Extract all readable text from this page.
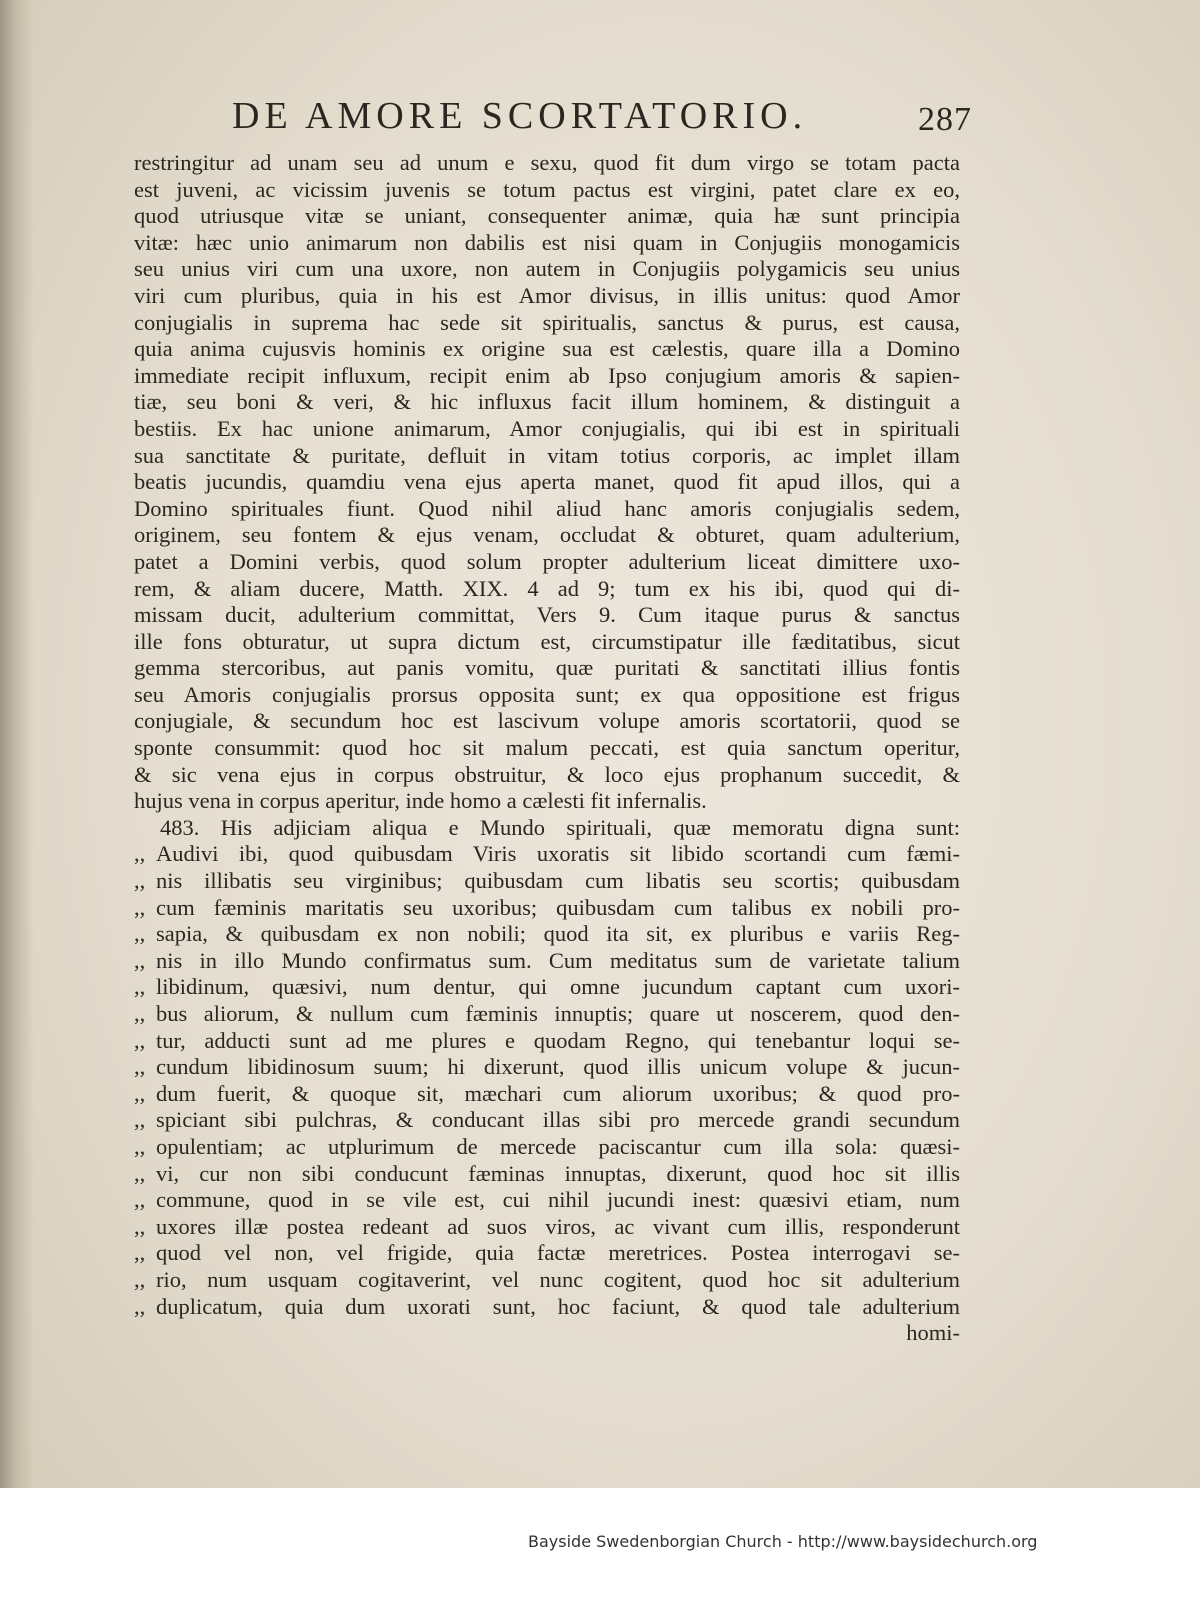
DE AMORE SCORTATORIO.	287
restringitur ad unam seu ad unum e sexu, quod fit dum virgo se totam pacta
est juveni, ac vicissim juvenis se totum pactus est virgini, patet clare ex eo,
quod utriusque vitæ se uniant, consequenter animæ, quia hæ sunt principia
vitæ: hæc unio animarum non dabilis est nisi quam in Conjugiis monogamicis
seu unius viri cum una uxore, non autem in Conjugiis polygamicis seu unius
viri cum pluribus, quia in his est Amor divisus, in illis unitus: quod Amor
conjugialis in suprema hac sede sit spiritualis, sanctus & purus, est causa,
quia anima cujusvis hominis ex origine sua est cælestis, quare illa a Domino
immediate recipit influxum, recipit enim ab Ipso conjugium amoris & sapien-
tiæ, seu boni & veri, & hic influxus facit illum hominem, & distinguit a
bestiis. Ex hac unione animarum, Amor conjugialis, qui ibi est in spirituali
sua sanctitate & puritate, defluit in vitam totius corporis, ac implet illam
beatis jucundis, quamdiu vena ejus aperta manet, quod fit apud illos, qui a
Domino spirituales fiunt. Quod nihil aliud hanc amoris conjugialis sedem,
originem, seu fontem & ejus venam, occludat & obturet, quam adulterium,
patet a Domini verbis, quod solum propter adulterium liceat dimittere uxo-
rem, & aliam ducere, Matth. XIX. 4 ad 9; tum ex his ibi, quod qui di-
missam ducit, adulterium committat, Vers 9. Cum itaque purus & sanctus
ille fons obturatur, ut supra dictum est, circumstipatur ille fæditatibus, sicut
gemma stercoribus, aut panis vomitu, quæ puritati & sanctitati illius fontis
seu Amoris conjugialis prorsus opposita sunt; ex qua oppositione est frigus
conjugiale, & secundum hoc est lascivum volupe amoris scortatorii, quod se
sponte consummit: quod hoc sit malum peccati, est quia sanctum operitur,
& sic vena ejus in corpus obstruitur, & loco ejus prophanum succedit, &
hujus vena in corpus aperitur, inde homo a cælesti fit infernalis.
483. His adjiciam aliqua e Mundo spirituali, quæ memoratu digna sunt:
,, Audivi ibi, quod quibusdam Viris uxoratis sit libido scortandi cum fæmi-
,, nis illibatis seu virginibus; quibusdam cum libatis seu scortis; quibusdam
,, cum fæminis maritatis seu uxoribus; quibusdam cum talibus ex nobili pro-
,, sapia, & quibusdam ex non nobili; quod ita sit, ex pluribus e variis Reg-
,, nis in illo Mundo confirmatus sum. Cum meditatus sum de varietate talium
,, libidinum, quæsivi, num dentur, qui omne jucundum captant cum uxori-
,, bus aliorum, & nullum cum fæminis innuptis; quare ut noscerem, quod den-
,, tur, adducti sunt ad me plures e quodam Regno, qui tenebantur loqui se-
,, cundum libidinosum suum; hi dixerunt, quod illis unicum volupe & jucun-
,, dum fuerit, & quoque sit, mæchari cum aliorum uxoribus; & quod pro-
,, spiciant sibi pulchras, & conducant illas sibi pro mercede grandi secundum
,, opulentiam; ac utplurimum de mercede paciscantur cum illa sola: quæsi-
,, vi, cur non sibi conducunt fæminas innuptas, dixerunt, quod hoc sit illis
,, commune, quod in se vile est, cui nihil jucundi inest: quæsivi etiam, num
,, uxores illæ postea redeant ad suos viros, ac vivant cum illis, responderunt
,, quod vel non, vel frigide, quia factæ meretrices. Postea interrogavi se-
,, rio, num usquam cogitaverint, vel nunc cogitent, quod hoc sit adulterium
,, duplicatum, quia dum uxorati sunt, hoc faciunt, & quod tale adulterium
homi-

Bayside Swedenborgian Church - http://www.baysidechurch.org
